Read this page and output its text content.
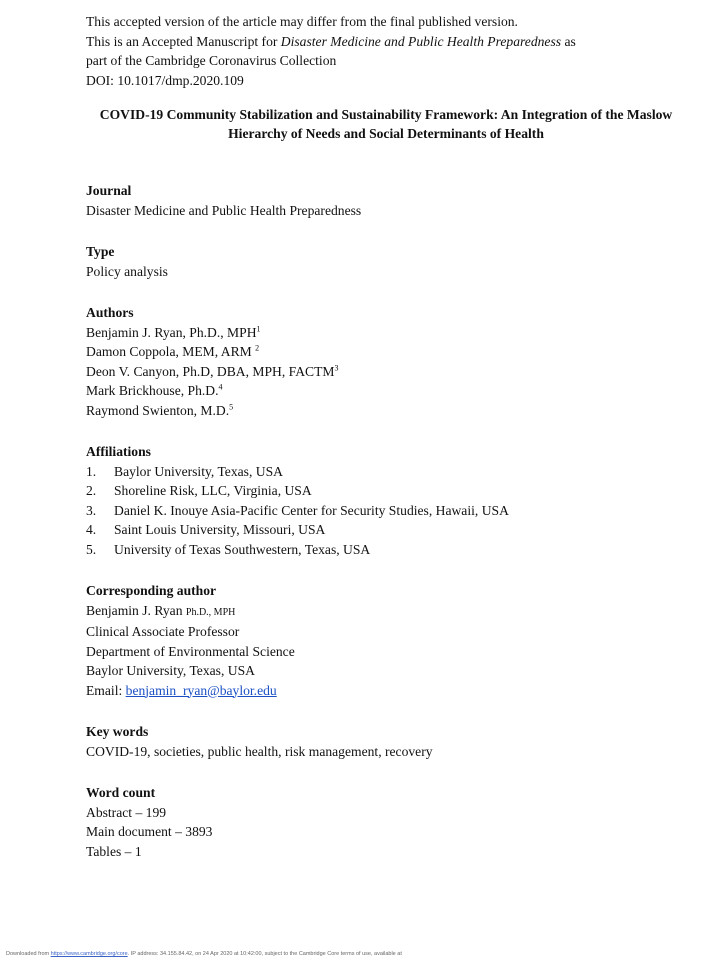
This accepted version of the article may differ from the final published version.
This is an Accepted Manuscript for Disaster Medicine and Public Health Preparedness as
part of the Cambridge Coronavirus Collection
DOI: 10.1017/dmp.2020.109
COVID-19 Community Stabilization and Sustainability Framework: An Integration of the Maslow Hierarchy of Needs and Social Determinants of Health
Journal
Disaster Medicine and Public Health Preparedness
Type
Policy analysis
Authors
Benjamin J. Ryan, Ph.D., MPH$^1$
Damon Coppola, MEM, ARM $^2$
Deon V. Canyon, Ph.D, DBA, MPH, FACTM$^3$
Mark Brickhouse, Ph.D.$^4$
Raymond Swienton, M.D.$^5$
Affiliations
1.	Baylor University, Texas, USA
2.	Shoreline Risk, LLC, Virginia, USA
3.	Daniel K. Inouye Asia-Pacific Center for Security Studies, Hawaii, USA
4.	Saint Louis University, Missouri, USA
5.	University of Texas Southwestern, Texas, USA
Corresponding author
Benjamin J. Ryan Ph.D., MPH
Clinical Associate Professor
Department of Environmental Science
Baylor University, Texas, USA
Email: benjamin_ryan@baylor.edu
Key words
COVID-19, societies, public health, risk management, recovery
Word count
Abstract – 199
Main document – 3893
Tables – 1
Downloaded from https://www.cambridge.org/core. IP address: 34.155.84.42, on 24 Apr 2020 at 10:42:00, subject to the Cambridge Core terms of use, available at
